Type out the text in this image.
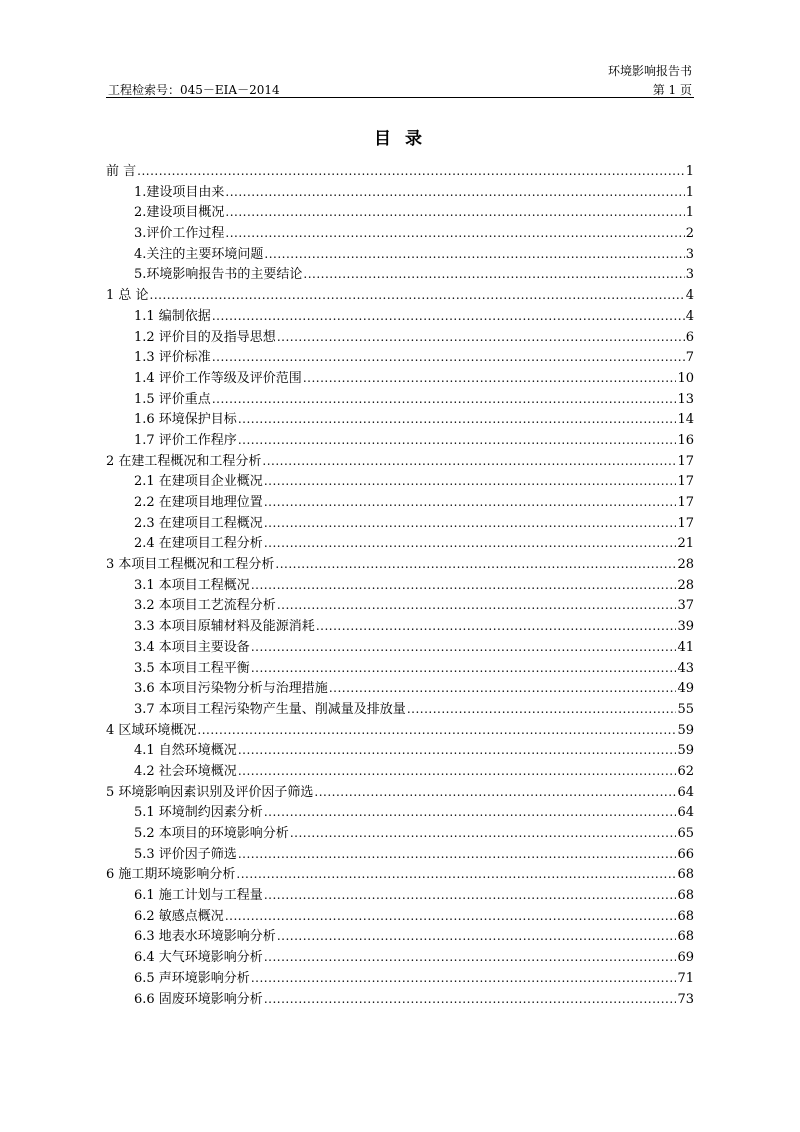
环境影响报告书
工程检索号：045－EIA－2014	第 1 页
目 录
前 言 .....	1
1.建设项目由来 .....	1
2.建设项目概况 .....	1
3.评价工作过程 .....	2
4.关注的主要环境问题 .....	3
5.环境影响报告书的主要结论 .....	3
1 总 论 .....	4
1.1 编制依据 .....	4
1.2 评价目的及指导思想 .....	6
1.3 评价标准 .....	7
1.4 评价工作等级及评价范围 .....	10
1.5 评价重点 .....	13
1.6 环境保护目标 .....	14
1.7 评价工作程序 .....	16
2 在建工程概况和工程分析 .....	17
2.1 在建项目企业概况 .....	17
2.2 在建项目地理位置 .....	17
2.3 在建项目工程概况 .....	17
2.4 在建项目工程分析 .....	21
3 本项目工程概况和工程分析 .....	28
3.1 本项目工程概况 .....	28
3.2 本项目工艺流程分析 .....	37
3.3 本项目原辅材料及能源消耗 .....	39
3.4 本项目主要设备 .....	41
3.5 本项目工程平衡 .....	43
3.6 本项目污染物分析与治理措施 .....	49
3.7 本项目工程污染物产生量、削减量及排放量 .....	55
4 区域环境概况 .....	59
4.1 自然环境概况 .....	59
4.2 社会环境概况 .....	62
5 环境影响因素识别及评价因子筛选 .....	64
5.1 环境制约因素分析 .....	64
5.2 本项目的环境影响分析 .....	65
5.3 评价因子筛选 .....	66
6 施工期环境影响分析 .....	68
6.1 施工计划与工程量 .....	68
6.2 敏感点概况 .....	68
6.3 地表水环境影响分析 .....	68
6.4 大气环境影响分析 .....	69
6.5 声环境影响分析 .....	71
6.6 固废环境影响分析 .....	73
